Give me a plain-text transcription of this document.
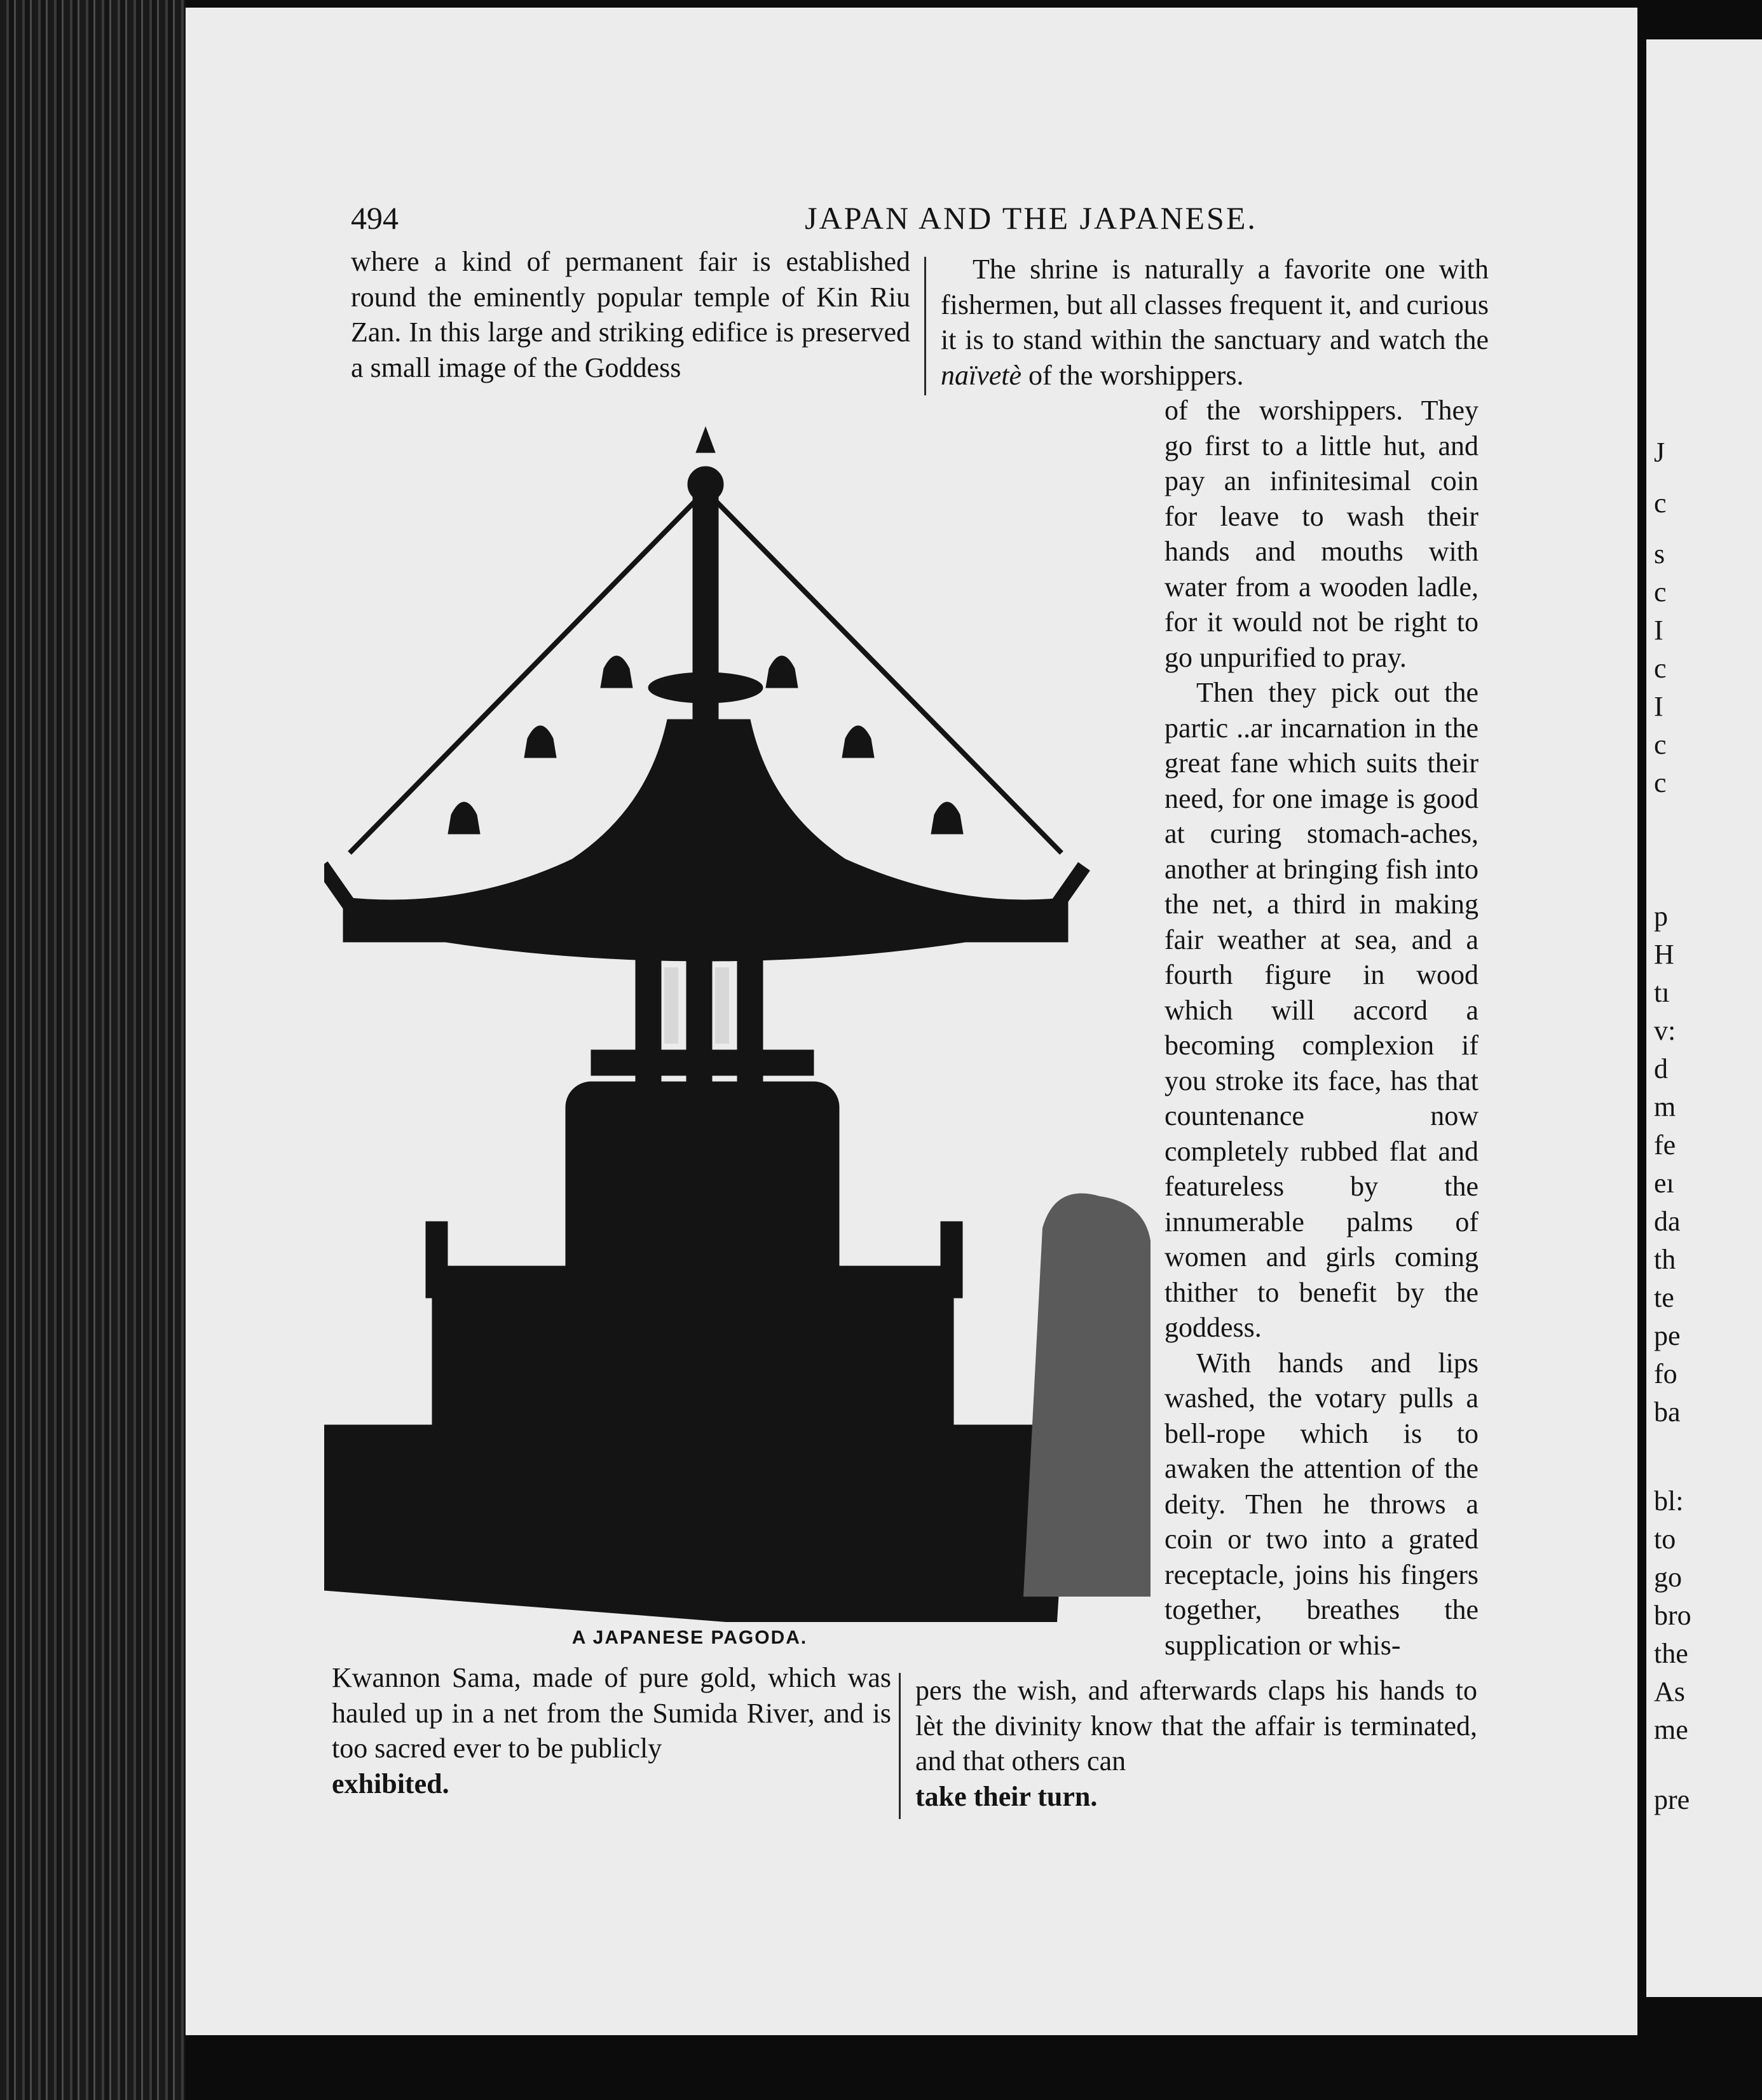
494	JAPAN AND THE JAPANESE.

where a kind of permanent fair is established round the eminently popular temple of Kin Riu Zan. In this large and striking edifice is preserved a small image of the Goddess

The shrine is naturally a favorite one with fishermen, but all classes frequent it, and curious it is to stand within the sanctuary and watch the naïvetè of the worshippers.

of the worshippers. They go first to a little hut, and pay an infinitesimal coin for leave to wash their hands and mouths with water from a wooden ladle, for it would not be right to go unpurified to pray.

Then they pick out the partic ..ar incarnation in the great fane which suits their need, for one image is good at curing stomach-aches, another at bringing fish into the net, a third in making fair weather at sea, and a fourth figure in wood which will accord a becoming complexion if you stroke its face, has that countenance now completely rubbed flat and featureless by the innumerable palms of women and girls coming thither to benefit by the goddess.

With hands and lips washed, the votary pulls a bell-rope which is to awaken the attention of the deity. Then he throws a coin or two into a grated receptacle, joins his fingers together, breathes the supplication or whis-

A JAPANESE PAGODA.

Kwannon Sama, made of pure gold, which was hauled up in a net from the Sumida River, and is too sacred ever to be publicly

exhibited.

pers the wish, and afterwards claps his hands to lèt the divinity know that the affair is terminated, and that others can

take their turn.

J
c
s
c
I
c
I
c
c
p
H
tı
v:
d
m
fe
eı
da
th
te
pe
fo
ba
bl:
to
go
bro
the
As
me
pre
